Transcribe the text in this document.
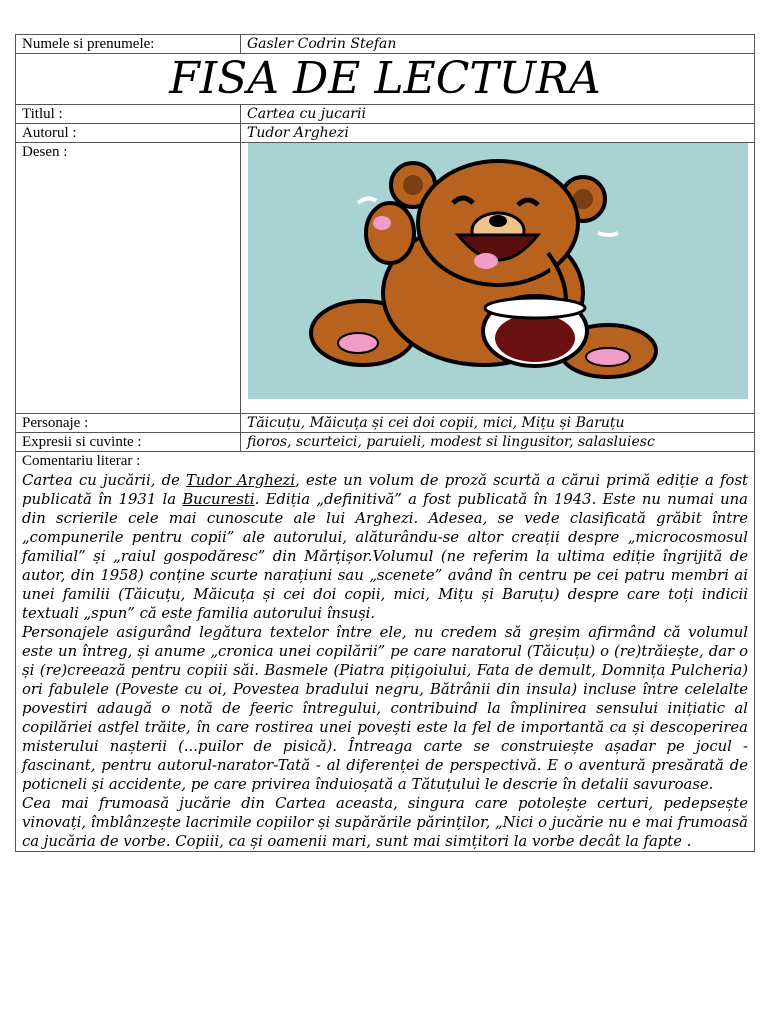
Numele si prenumele:	Gasler Codrin Stefan
FISA DE LECTURA	
Titlul :	Cartea cu jucarii
Autorul :	Tudor Arghezi
Desen :	

Personaje :	Tăicuțu, Măicuța și cei doi copii, mici, Mițu și Baruțu
Expresii si cuvinte :	fioros, scurteici, paruieli, modest si lingusitor, salasluiesc

Comentariu literar :

Cartea cu jucării, de Tudor Arghezi, este un volum de proză scurtă a cărui primă ediție a fost publicată în 1931 la Bucuresti. Ediția „definitivă” a fost publicată în 1943. Este nu numai una din scrierile cele mai cunoscute ale lui Arghezi. Adesea, se vede clasificată grăbit între „compunerile pentru copii” ale autorului, alăturându-se altor creații despre „microcosmosul familial” și „raiul gospodăresc” din Mărțișor.Volumul (ne referim la ultima ediție îngrijită de autor, din 1958) conține scurte narațiuni sau „scenete” având în centru pe cei patru membri ai unei familii (Tăicuțu, Măicuța și cei doi copii, mici, Mițu și Baruțu) despre care toți indicii textuali „spun” că este familia autorului însuși.

Personajele asigurând legătura textelor între ele, nu credem să greșim afirmând că volumul este un întreg, și anume „cronica unei copilării” pe care naratorul (Tăicuțu) o (re)trăiește, dar o și (re)creează pentru copiii săi. Basmele (Piatra pițigoiului, Fata de demult, Domnița Pulcheria) ori fabulele (Poveste cu oi, Povestea bradului negru, Bătrânii din insula) incluse între celelalte povestiri adaugă o notă de feeric întregului, contribuind la împlinirea sensului inițiatic al copilăriei astfel trăite, în care rostirea unei povești este la fel de importantă ca și descoperirea misterului nașterii (...puilor de pisică). Întreaga carte se construiește așadar pe jocul - fascinant, pentru autorul-narator-Tată - al diferenței de perspectivă. E o aventură presărată de poticneli și accidente, pe care privirea înduioșată a Tătuțului le descrie în detalii savuroase.

Cea mai frumoasă jucărie din Cartea aceasta, singura care potolește certuri, pedepsește vinovați, îmblânzește lacrimile copiilor și supărările părinților, „Nici o jucărie nu e mai frumoasă ca jucăria de vorbe. Copiii, ca și oamenii mari, sunt mai simțitori la vorbe decât la fapte .	
